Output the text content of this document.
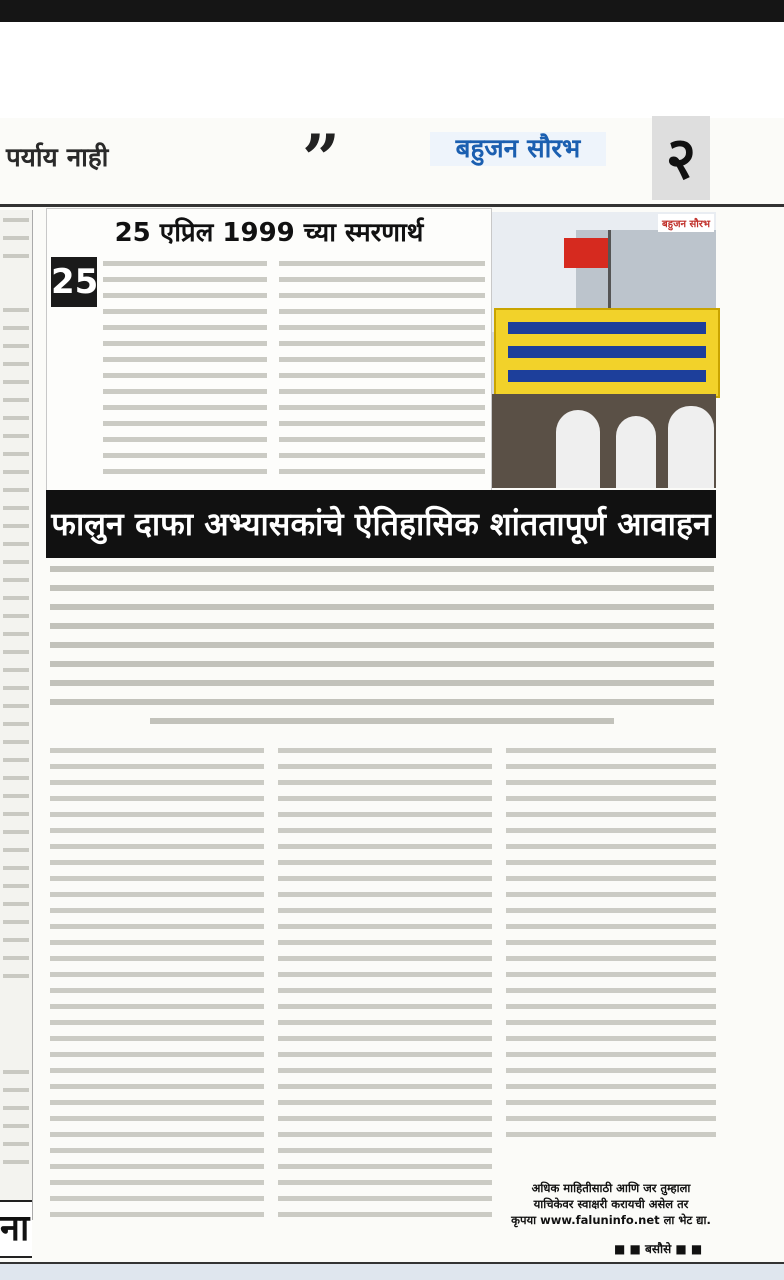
पर्याय नाही	”	बहुजन सौरभ	२
ना
25 एप्रिल 1999 च्या स्मरणार्थ
25
बहुजन सौरभ
फालुन दाफा अभ्यासकांचे ऐतिहासिक शांततापूर्ण आवाहन
अधिक माहितीसाठी आणि जर तुम्हाला
याचिकेवर स्वाक्षरी करायची असेल तर
कृपया www.faluninfo.net ला भेट द्या.
■ ■ बसौसे ■ ■
